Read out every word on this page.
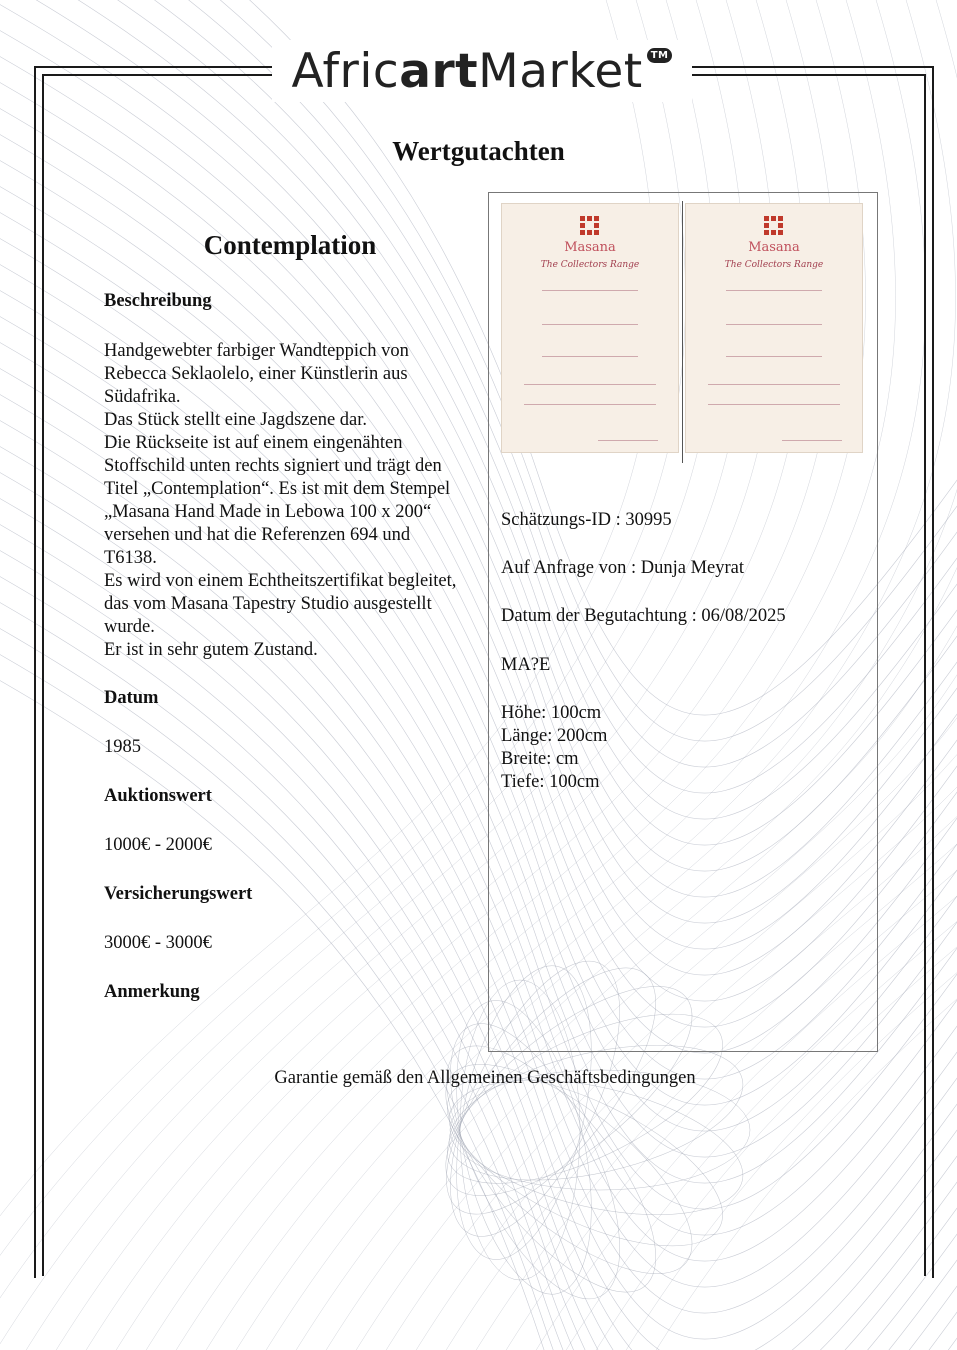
Afric art Market TM
Wertgutachten
Contemplation
Beschreibung
Handgewebter farbiger Wandteppich von
Rebecca Seklaolelo, einer Künstlerin aus
Südafrika.
Das Stück stellt eine Jagdszene dar.
Die Rückseite ist auf einem eingenähten
Stoffschild unten rechts signiert und trägt den
Titel „Contemplation“. Es ist mit dem Stempel
„Masana Hand Made in Lebowa 100 x 200“
versehen und hat die Referenzen 694 und
T6138.
Es wird von einem Echtheitszertifikat begleitet,
das vom Masana Tapestry Studio ausgestellt
wurde.
Er ist in sehr gutem Zustand.
Datum
1985
Auktionswert
1000€ - 2000€
Versicherungswert
3000€ - 3000€
Anmerkung
Masana
The Collectors Range
Masana
The Collectors Range
Schätzungs-ID : 30995
Auf Anfrage von : Dunja Meyrat
Datum der Begutachtung : 06/08/2025
MA?E
Höhe: 100cm
Länge: 200cm
Breite: cm
Tiefe: 100cm
Garantie gemäß den Allgemeinen Geschäftsbedingungen
